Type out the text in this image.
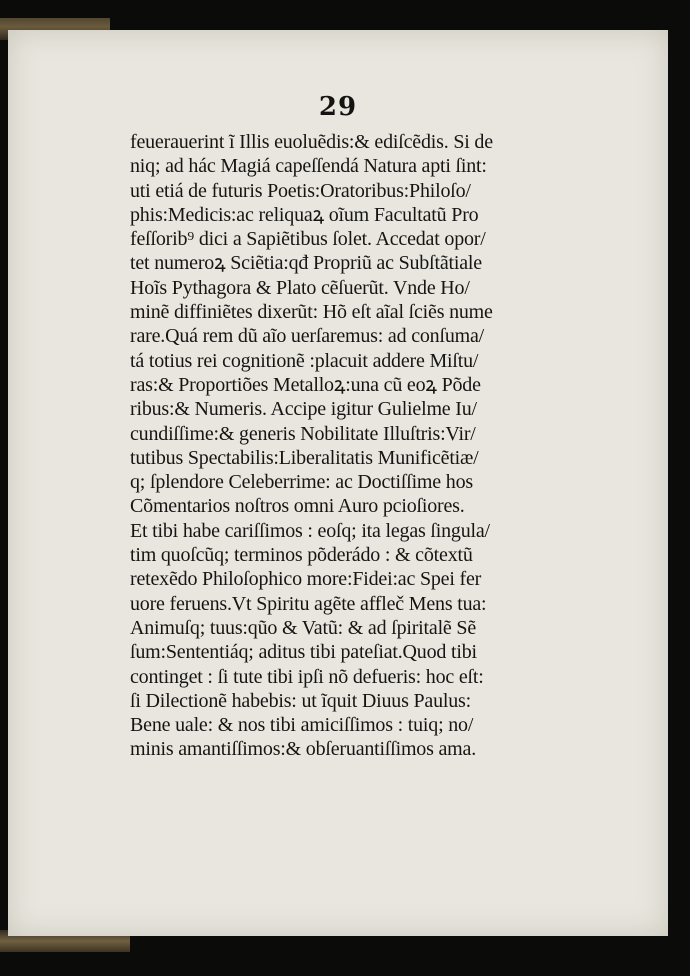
29
feuerauerint ĩ Illis euoluẽdis:& ediſcẽdis. Si de
niq; ad hác Magiá capeſſendá Natura apti ſint:
uti etiá de futuris Poetis:Oratoribus:Philoſo/
phis:Medicis:ac reliquaꝝ oĩum Facultatũ Pro
feſſorib⁹ dici a Sapiẽtibus ſolet. Accedat opor/
tet numeroꝝ Sciẽtia:qđ Propriũ ac Subſtãtiale
Hoĩs Pythagora & Plato cẽſuerũt. Vnde Ho/
minẽ diffiniẽtes dixerũt: Hõ eſt aĩal ſciẽs nume
rare.Quá rem dũ aĩo uerſaremus: ad conſuma/
tá totius rei cognitionẽ :placuit addere Miſtu/
ras:& Proportiões Metalloꝝ:una cũ eoꝝ Põde
ribus:& Numeris. Accipe igitur Gulielme Iu/
cundiſſime:& generis Nobilitate Illuſtris:Vir/
tutibus Spectabilis:Liberalitatis Munificẽtiæ/
q; ſplendore Celeberrime: ac Doctiſſime hos
Cõmentarios noſtros omni Auro pcioſiores.
Et tibi habe cariſſimos : eoſq; ita legas ſingula/
tim quoſcũq; terminos põderádo : & cõtextũ
retexẽdo Philoſophico more:Fidei:ac Spei fer
uore feruens.Vt Spiritu agẽte affleč Mens tua:
Animuſq; tuus:qũo & Vatũ: & ad ſpiritalẽ Sẽ
ſum:Sententiáq; aditus tibi pateſiat.Quod tibi
continget : ſi tute tibi ipſi nõ defueris: hoc eſt:
ſi Dilectionẽ habebis: ut ĩquit Diuus Paulus:
Bene uale: & nos tibi amiciſſimos : tuiq; no/
minis amantiſſimos:& obſeruantiſſimos ama.
